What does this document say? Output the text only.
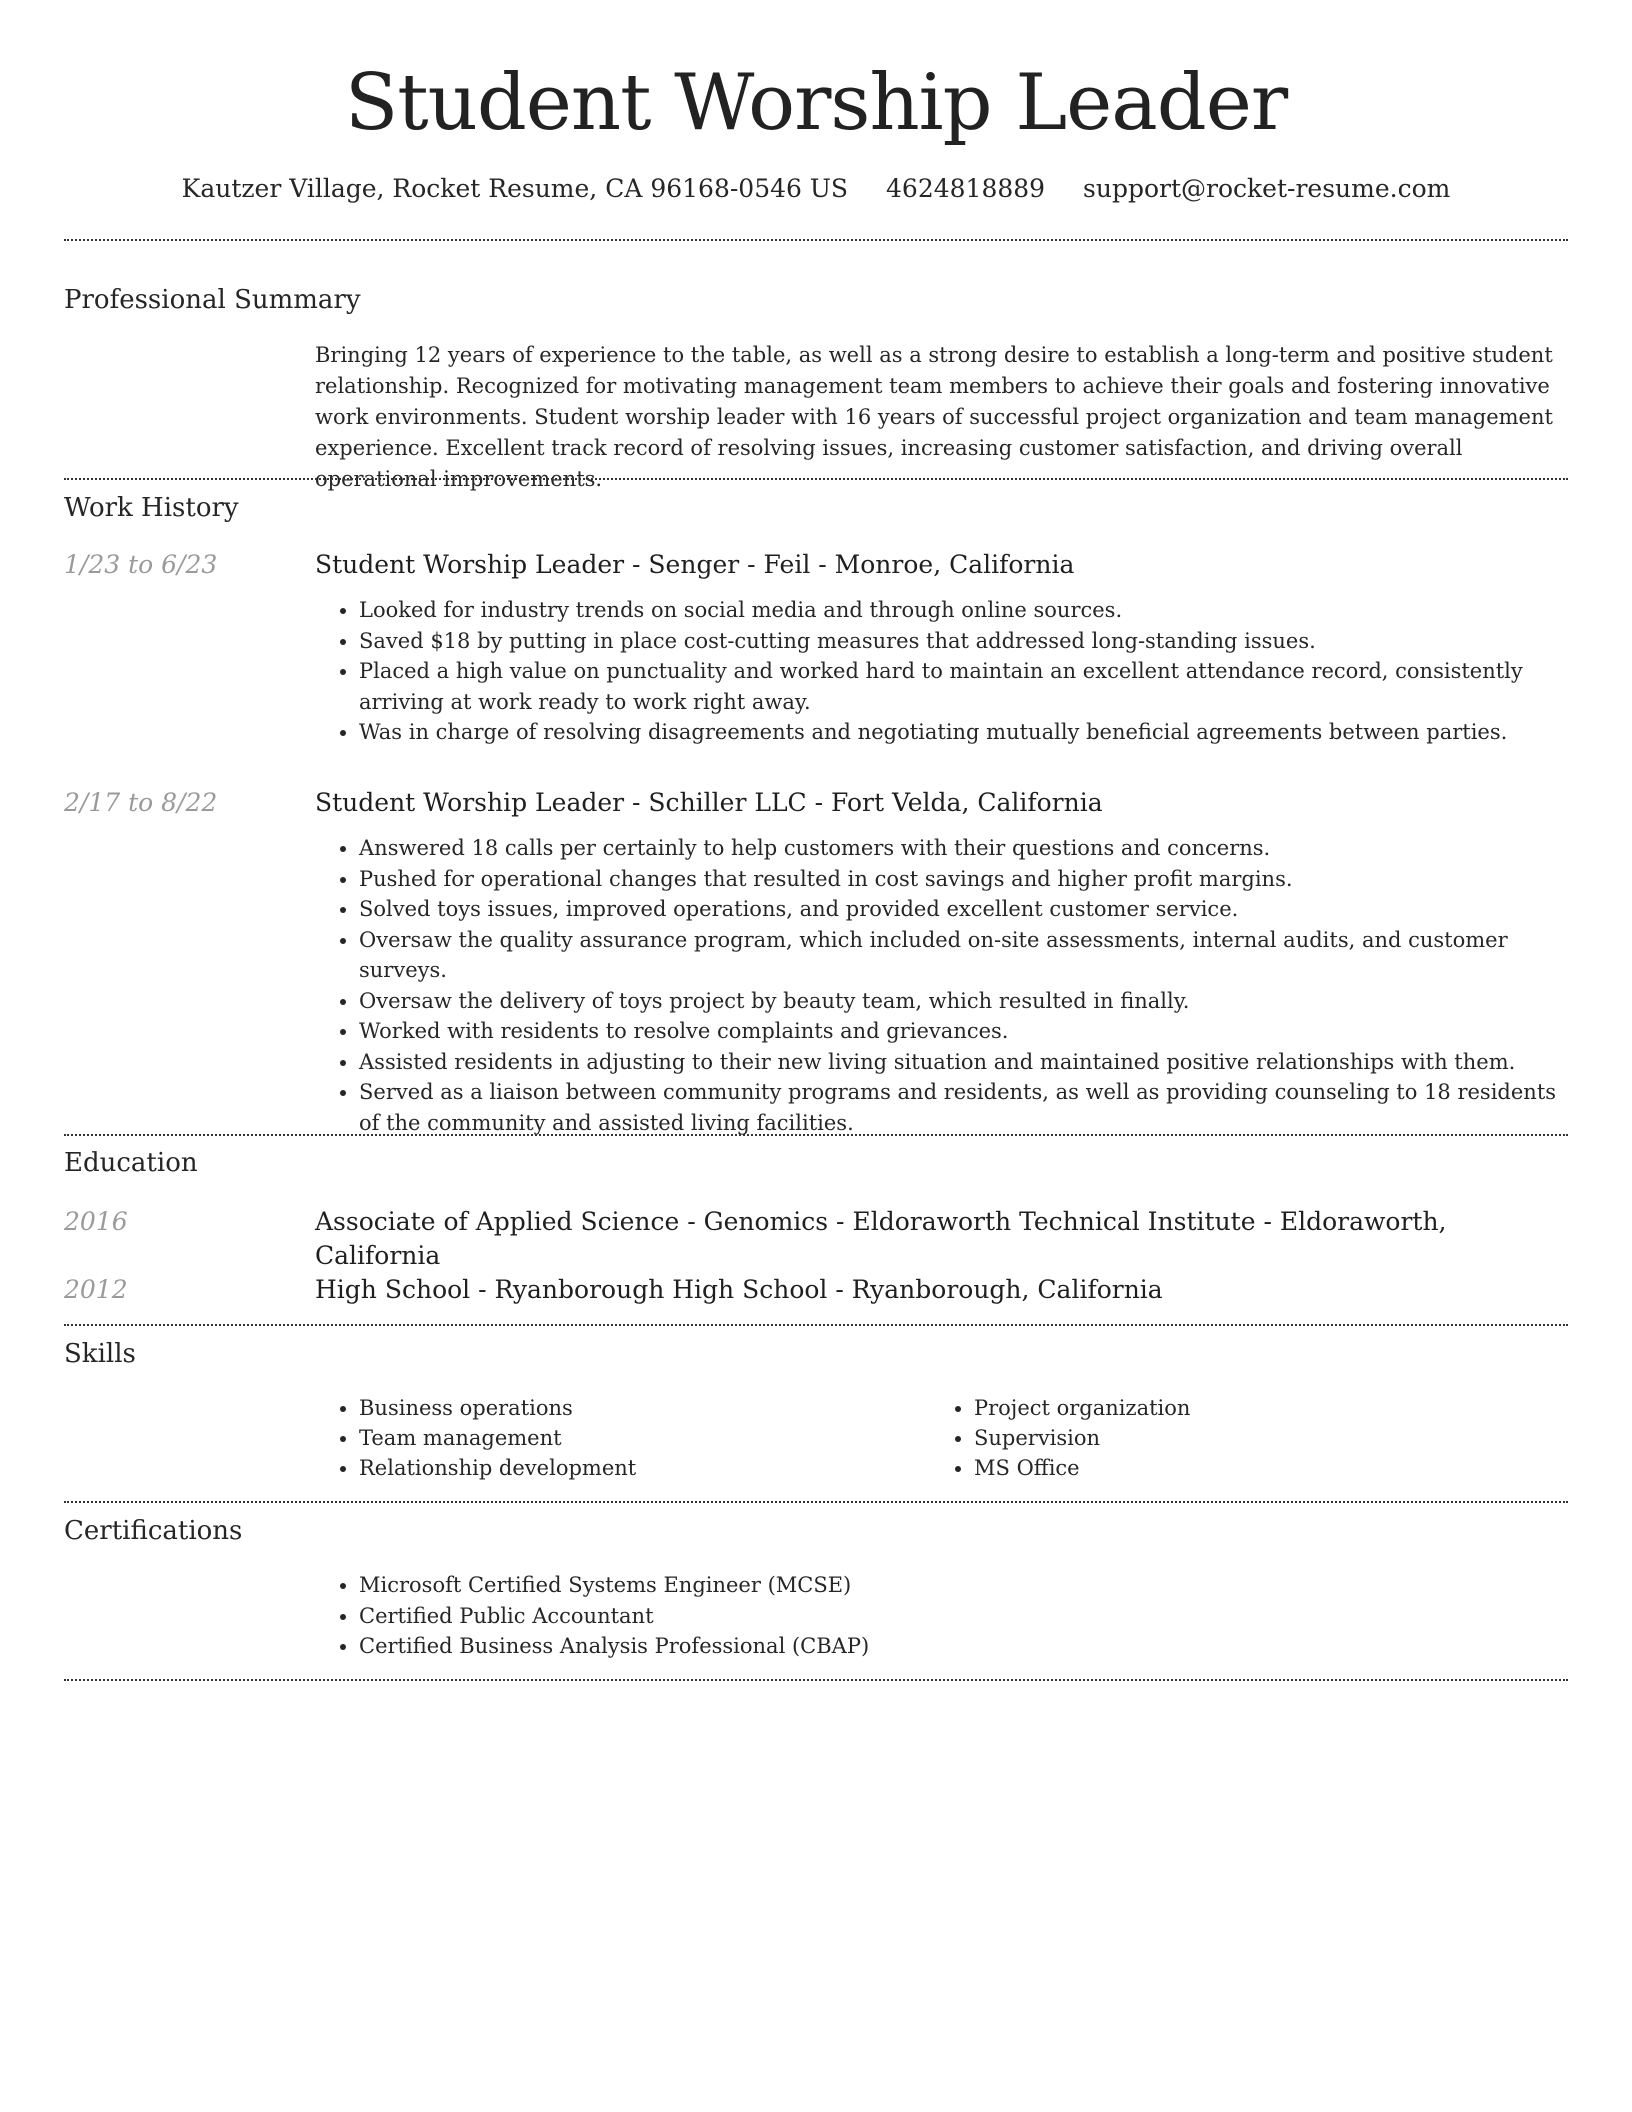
Student Worship Leader
Kautzer Village, Rocket Resume, CA 96168-0546 US 4624818889 support@rocket-resume.com
Professional Summary

Bringing 12 years of experience to the table, as well as a strong desire to establish a long-term and positive student relationship. Recognized for motivating management team members to achieve their goals and fostering innovative work environments. Student worship leader with 16 years of successful project organization and team management experience. Excellent track record of resolving issues, increasing customer satisfaction, and driving overall operational improvements.

Work History
1/23 to 6/23	Student Worship Leader - Senger - Feil - Monroe, California
• Looked for industry trends on social media and through online sources.
• Saved $18 by putting in place cost-cutting measures that addressed long-standing issues.
• Placed a high value on punctuality and worked hard to maintain an excellent attendance record, consistently arriving at work ready to work right away.
• Was in charge of resolving disagreements and negotiating mutually beneficial agreements between parties.
2/17 to 8/22	Student Worship Leader - Schiller LLC - Fort Velda, California
• Answered 18 calls per certainly to help customers with their questions and concerns.
• Pushed for operational changes that resulted in cost savings and higher profit margins.
• Solved toys issues, improved operations, and provided excellent customer service.
• Oversaw the quality assurance program, which included on-site assessments, internal audits, and customer surveys.
• Oversaw the delivery of toys project by beauty team, which resulted in finally.
• Worked with residents to resolve complaints and grievances.
• Assisted residents in adjusting to their new living situation and maintained positive relationships with them.
• Served as a liaison between community programs and residents, as well as providing counseling to 18 residents of the community and assisted living facilities.
Education
2016	Associate of Applied Science - Genomics - Eldoraworth Technical Institute - Eldoraworth, California
2012	High School - Ryanborough High School - Ryanborough, California
Skills
• Business operations
• Team management
• Relationship development
• Project organization
• Supervision
• MS Office
Certifications
• Microsoft Certified Systems Engineer (MCSE)
• Certified Public Accountant
• Certified Business Analysis Professional (CBAP)
